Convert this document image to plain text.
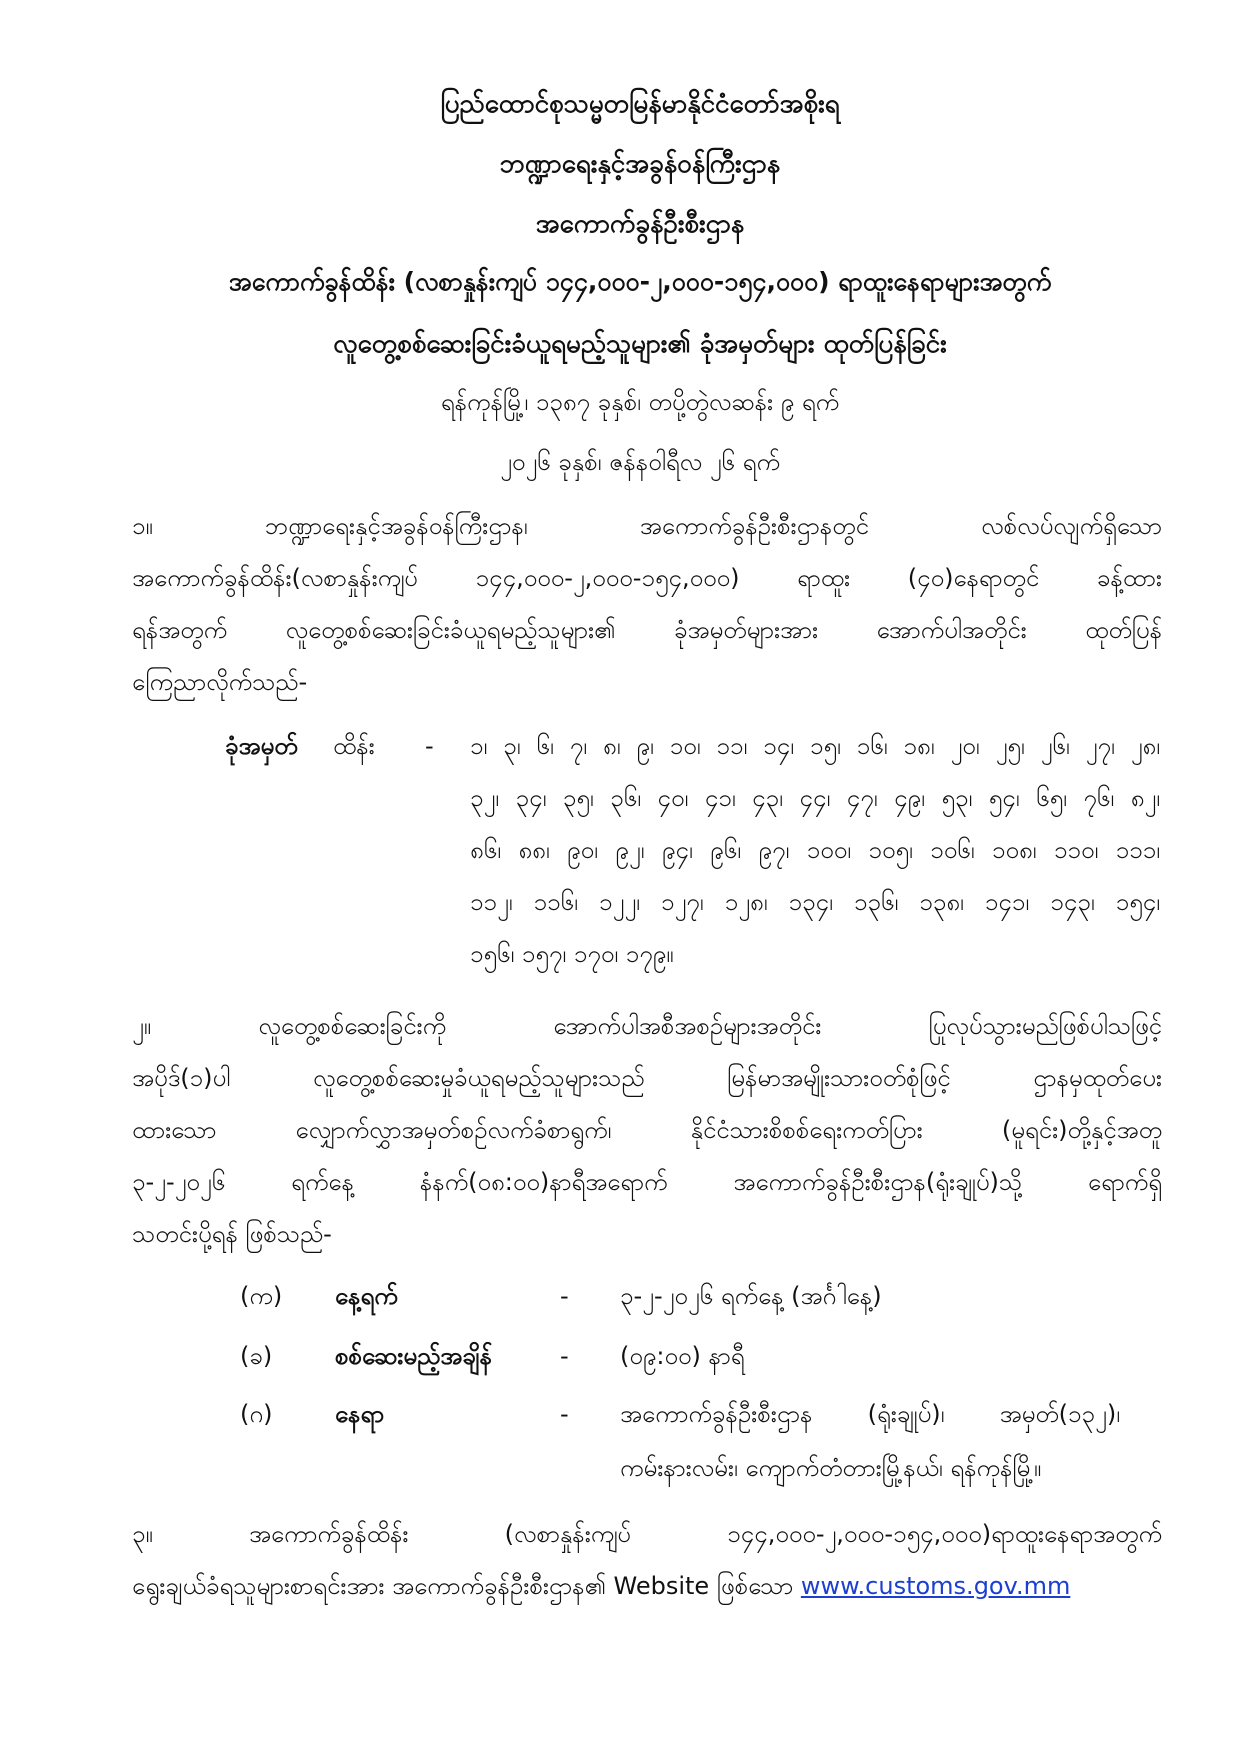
ပြည်ထောင်စုသမ္မတမြန်မာနိုင်ငံတော်အစိုးရ
ဘဏ္ဍာရေးနှင့်အခွန်ဝန်ကြီးဌာန
အကောက်ခွန်ဦးစီးဌာန
အကောက်ခွန်ထိန်း (လစာနှုန်းကျပ် ၁၄၄,၀၀၀-၂,၀၀၀-၁၅၄,၀၀၀) ရာထူးနေရာများအတွက်
လူတွေ့စစ်ဆေးခြင်းခံယူရမည့်သူများ၏ ခုံအမှတ်များ ထုတ်ပြန်ခြင်း
ရန်ကုန်မြို့၊ ၁၃၈၇ ခုနှစ်၊ တပို့တွဲလဆန်း ၉ ရက်
၂၀၂၆ ခုနှစ်၊ ဇန်နဝါရီလ ၂၆ ရက်
၁။ ဘဏ္ဍာရေးနှင့်အခွန်ဝန်ကြီးဌာန၊ အကောက်ခွန်ဦးစီးဌာနတွင် လစ်လပ်လျက်ရှိသော
အကောက်ခွန်ထိန်း(လစာနှုန်းကျပ် ၁၄၄,၀၀၀-၂,၀၀၀-၁၅၄,၀၀၀) ရာထူး (၄၀)နေရာတွင် ခန့်ထား
ရန်အတွက် လူတွေ့စစ်ဆေးခြင်းခံယူရမည့်သူများ၏ ခုံအမှတ်များအား အောက်ပါအတိုင်း ထုတ်ပြန်
ကြေညာလိုက်သည်-
ခုံအမှတ် ထိန်း - ၁၊ ၃၊ ၆၊ ၇၊ ၈၊ ၉၊ ၁၀၊ ၁၁၊ ၁၄၊ ၁၅၊ ၁၆၊ ၁၈၊ ၂၀၊ ၂၅၊ ၂၆၊ ၂၇၊ ၂၈၊
၃၂၊ ၃၄၊ ၃၅၊ ၃၆၊ ၄၀၊ ၄၁၊ ၄၃၊ ၄၄၊ ၄၇၊ ၄၉၊ ၅၃၊ ၅၄၊ ၆၅၊ ၇၆၊ ၈၂၊
၈၆၊ ၈၈၊ ၉၀၊ ၉၂၊ ၉၄၊ ၉၆၊ ၉၇၊ ၁၀၀၊ ၁၀၅၊ ၁၀၆၊ ၁၀၈၊ ၁၁၀၊ ၁၁၁၊
၁၁၂၊ ၁၁၆၊ ၁၂၂၊ ၁၂၇၊ ၁၂၈၊ ၁၃၄၊ ၁၃၆၊ ၁၃၈၊ ၁၄၁၊ ၁၄၃၊ ၁၅၄၊
၁၅၆၊ ၁၅၇၊ ၁၇၀၊ ၁၇၉။
၂။ လူတွေ့စစ်ဆေးခြင်းကို အောက်ပါအစီအစဉ်များအတိုင်း ပြုလုပ်သွားမည်ဖြစ်ပါသဖြင့်
အပိုဒ်(၁)ပါ လူတွေ့စစ်ဆေးမှုခံယူရမည့်သူများသည် မြန်မာအမျိုးသားဝတ်စုံဖြင့် ဌာနမှထုတ်ပေး
ထားသော လျှောက်လွှာအမှတ်စဉ်လက်ခံစာရွက်၊ နိုင်ငံသားစိစစ်ရေးကတ်ပြား (မူရင်း)တို့နှင့်အတူ
၃-၂-၂၀၂၆ ရက်နေ့ နံနက်(၀၈:၀၀)နာရီအရောက် အကောက်ခွန်ဦးစီးဌာန(ရုံးချုပ်)သို့ ရောက်ရှိ
သတင်းပို့ရန် ဖြစ်သည်-
(က) နေ့ရက်	- ၃-၂-၂၀၂၆ ရက်နေ့ (အင်္ဂါနေ့)
(ခ)	စစ်ဆေးမည့်အချိန်	- (၀၉:၀၀) နာရီ
(ဂ)	နေရာ	- အကောက်ခွန်ဦးစီးဌာန (ရုံးချုပ်)၊ အမှတ်(၁၃၂)၊
ကမ်းနားလမ်း၊ ကျောက်တံတားမြို့နယ်၊ ရန်ကုန်မြို့။
၃။ အကောက်ခွန်ထိန်း (လစာနှုန်းကျပ် ၁၄၄,၀၀၀-၂,၀၀၀-၁၅၄,၀၀၀)ရာထူးနေရာအတွက်
ရွေးချယ်ခံရသူများစာရင်းအား အကောက်ခွန်ဦးစီးဌာန၏ Website ဖြစ်သော www.customs.gov.mm
